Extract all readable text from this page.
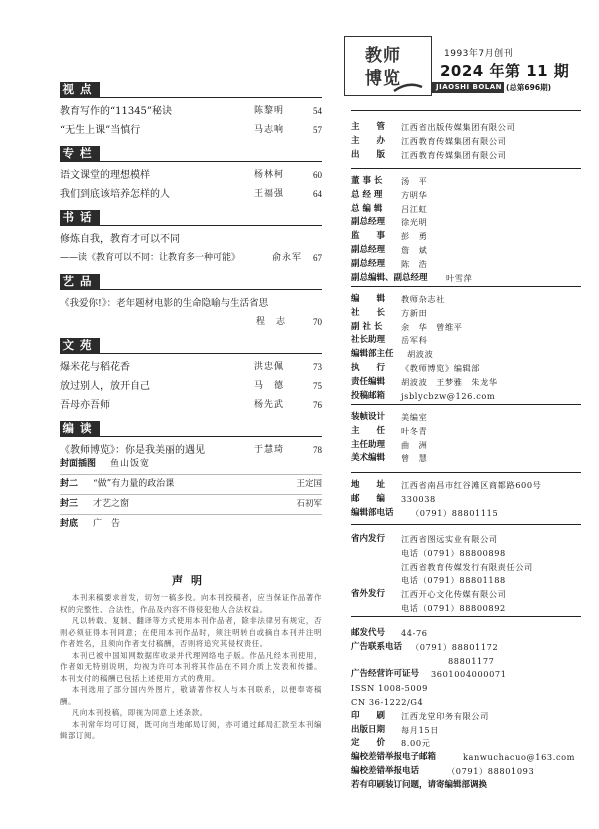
视点
教育写作的“11345”秘诀	陈黎明	54
“无生上课”当慎行	马志响	57
专栏
语文课堂的理想模样	杨林柯	60
我们到底该培养怎样的人	王福强	64
书话
修炼自我，教育才可以不同
——读《教育可以不同：让教育多一种可能》	俞永军 67
艺品
《我爱你!》：老年题材电影的生命隐喻与生活省思
程　志	70
文苑
爆米花与稻花香	洪忠佩	73
放过别人，放开自己	马　德	75
吾母亦吾师	杨先武	76
编读
《教师博览》：你是我美丽的遇见	于慧琦	78
封面插图 鱼山饭宽
封二 “做”有力量的政治课	王定国
封三 才艺之窗	石初军
封底 广　告
声明

本刊来稿要求首发，切勿一稿多投。向本刊投稿者，应当保证作品著作权的完整性、合法性，作品及内容不得侵犯他人合法权益。

凡以转载、复制、翻译等方式使用本刊作品者，除非法律另有规定，否则必须征得本刊同意；在使用本刊作品时，须注明转自或摘自本刊并注明作者姓名，且须向作者支付稿酬，否则将追究其侵权责任。

本刊已被中国知网数据库收录并代理网络电子版。作品凡经本刊使用，作者如无特别说明，均视为许可本刊将其作品在不同介质上发表和传播。本刊支付的稿酬已包括上述使用方式的费用。

本刊选用了部分国内外图片，敬请著作权人与本刊联系，以便奉寄稿酬。

凡向本刊投稿，即视为同意上述条款。

本刊常年均可订阅，既可向当地邮局订阅，亦可通过邮局汇款至本刊编辑部订阅。

教师
博览
1993年7月创刊
2024 年第 11 期
JIAOSHI BOLAN (总第696期)
主　　管 江西省出版传媒集团有限公司
主　　办 江西教育传媒集团有限公司
出　　版 江西教育传媒集团有限公司
董 事 长 汤　平
总 经 理 方明华
总 编 辑 吕江虹
副总经理 徐光明
监　　事 彭　勇
副总经理 詹　斌
副总经理 陈　浩
副总编辑、副总经理 叶雪萍
编　　辑 教师杂志社
社　　长 方新田
副 社 长 余　华　曾维平
社长助理 岳军科
编辑部主任 胡波波
执　　行 《教师博览》编辑部
责任编辑 胡波波　王梦雅　朱龙华
投稿邮箱 jsblycbzw@126.com
装帧设计 美编室
主　　任 叶冬青
主任助理 曲　洲
美术编辑 曾　慧
地　　址 江西省南昌市红谷滩区商都路600号
邮　　编 330038
编辑部电话 （0791）88801115
省内发行 江西省图远实业有限公司
电话（0791）88800898
江西省教育传媒发行有限责任公司
电话（0791）88801188
省外发行 江西开心文化传媒有限公司
电话（0791）88800892
邮发代号 44-76
广告联系电话 （0791）88801172
88801177
广告经营许可证号 3601004000071
ISSN 1008-5009
CN 36-1222/G4
印　　刷 江西龙堂印务有限公司
出版日期 每月15日
定　　价 8.00元
编校差错举报电子邮箱	kanwuchacuo@163.com
编校差错举报电话	（0791）88801093
若有印刷装订问题，请寄编辑部调换
